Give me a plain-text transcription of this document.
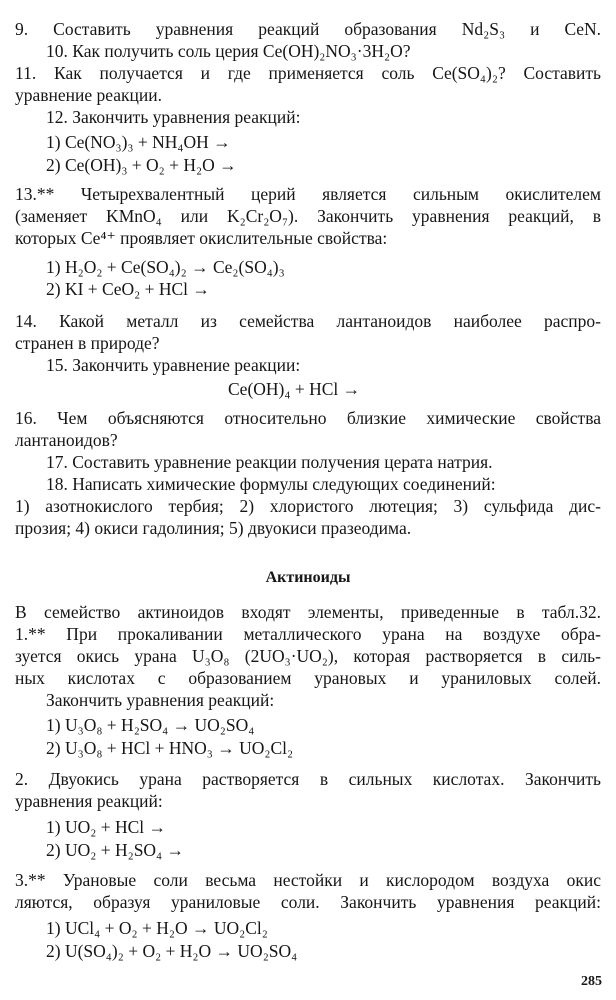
9. Составить уравнения реакций образования Nd₂S₃ и CeN.
10. Как получить соль церия Ce(OH)₂NO₃·3H₂O?
11. Как получается и где применяется соль Ce(SO₄)₂? Составить
уравнение реакции.
12. Закончить уравнения реакций:
1) Ce(NO₃)₃ + NH₄OH →
2) Ce(OH)₃ + O₂ + H₂O →
13.** Четырехвалентный церий является сильным окислителем
(заменяет KMnO₄ или K₂Cr₂O₇). Закончить уравнения реакций, в
которых Ce⁴⁺ проявляет окислительные свойства:
1) H₂O₂ + Ce(SO₄)₂ → Ce₂(SO₄)₃
2) KI + CeO₂ + HCl →
14. Какой металл из семейства лантаноидов наиболее распро-
странен в природе?
15. Закончить уравнение реакции:
Ce(OH)₄ + HCl →
16. Чем объясняются относительно близкие химические свойства
лантаноидов?
17. Составить уравнение реакции получения церата натрия.
18. Написать химические формулы следующих соединений:
1) азотнокислого тербия; 2) хлористого лютеция; 3) сульфида дис-
прозия; 4) окиси гадолиния; 5) двуокиси празеодима.
Актиноиды
В семейство актиноидов входят элементы, приведенные в табл.32.
1.** При прокаливании металлического урана на воздухе обра-
зуется окись урана U₃O₈ (2UO₃·UO₂), которая растворяется в силь-
ных кислотах с образованием урановых и ураниловых солей.
Закончить уравнения реакций:
1) U₃O₈ + H₂SO₄ → UO₂SO₄
2) U₃O₈ + HCl + HNO₃ → UO₂Cl₂
2. Двуокись урана растворяется в сильных кислотах. Закончить
уравнения реакций:
1) UO₂ + HCl →
2) UO₂ + H₂SO₄ →
3.** Урановые соли весьма нестойки и кислородом воздуха окис
ляются, образуя ураниловые соли. Закончить уравнения реакций:
1) UCl₄ + O₂ + H₂O → UO₂Cl₂
2) U(SO₄)₂ + O₂ + H₂O → UO₂SO₄
285
